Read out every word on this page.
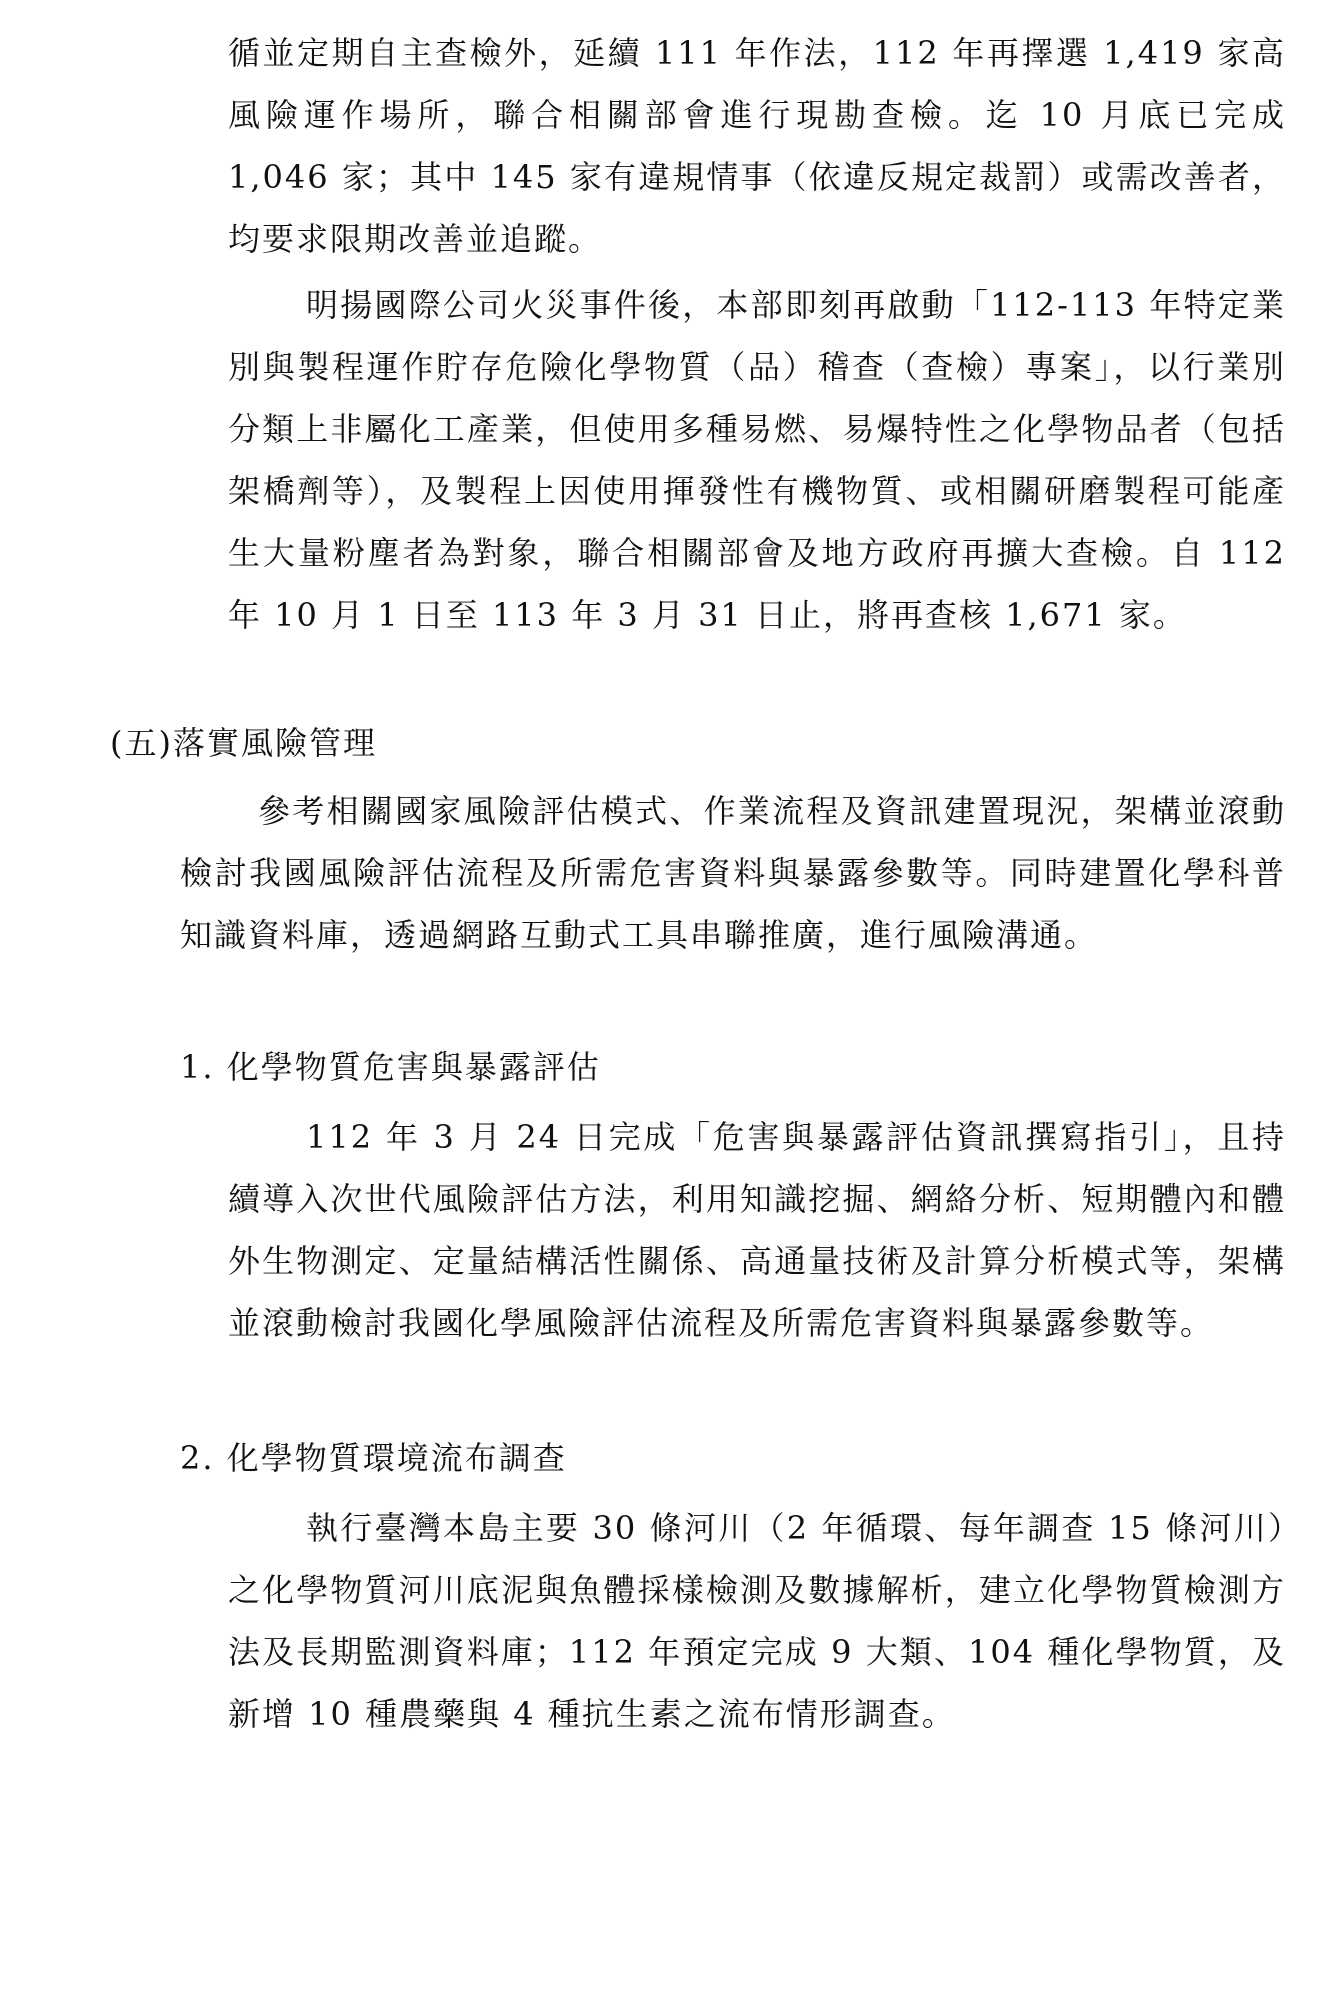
循並定期自主查檢外，延續 111 年作法，112 年再擇選 1,419 家高風險運作場所，聯合相關部會進行現勘查檢。迄 10 月底已完成 1,046 家；其中 145 家有違規情事（依違反規定裁罰）或需改善者，均要求限期改善並追蹤。
明揚國際公司火災事件後，本部即刻再啟動「112-113 年特定業別與製程運作貯存危險化學物質（品）稽查（查檢）專案」，以行業別分類上非屬化工產業，但使用多種易燃、易爆特性之化學物品者（包括架橋劑等），及製程上因使用揮發性有機物質、或相關研磨製程可能產生大量粉塵者為對象，聯合相關部會及地方政府再擴大查檢。自 112 年 10 月 1 日至 113 年 3 月 31 日止，將再查核 1,671 家。
(五)落實風險管理
參考相關國家風險評估模式、作業流程及資訊建置現況，架構並滾動檢討我國風險評估流程及所需危害資料與暴露參數等。同時建置化學科普知識資料庫，透過網路互動式工具串聯推廣，進行風險溝通。
1. 化學物質危害與暴露評估
112 年 3 月 24 日完成「危害與暴露評估資訊撰寫指引」，且持續導入次世代風險評估方法，利用知識挖掘、網絡分析、短期體內和體外生物測定、定量結構活性關係、高通量技術及計算分析模式等，架構並滾動檢討我國化學風險評估流程及所需危害資料與暴露參數等。
2. 化學物質環境流布調查
執行臺灣本島主要 30 條河川（2 年循環、每年調查 15 條河川）之化學物質河川底泥與魚體採樣檢測及數據解析，建立化學物質檢測方法及長期監測資料庫；112 年預定完成 9 大類、104 種化學物質，及新增 10 種農藥與 4 種抗生素之流布情形調查。
